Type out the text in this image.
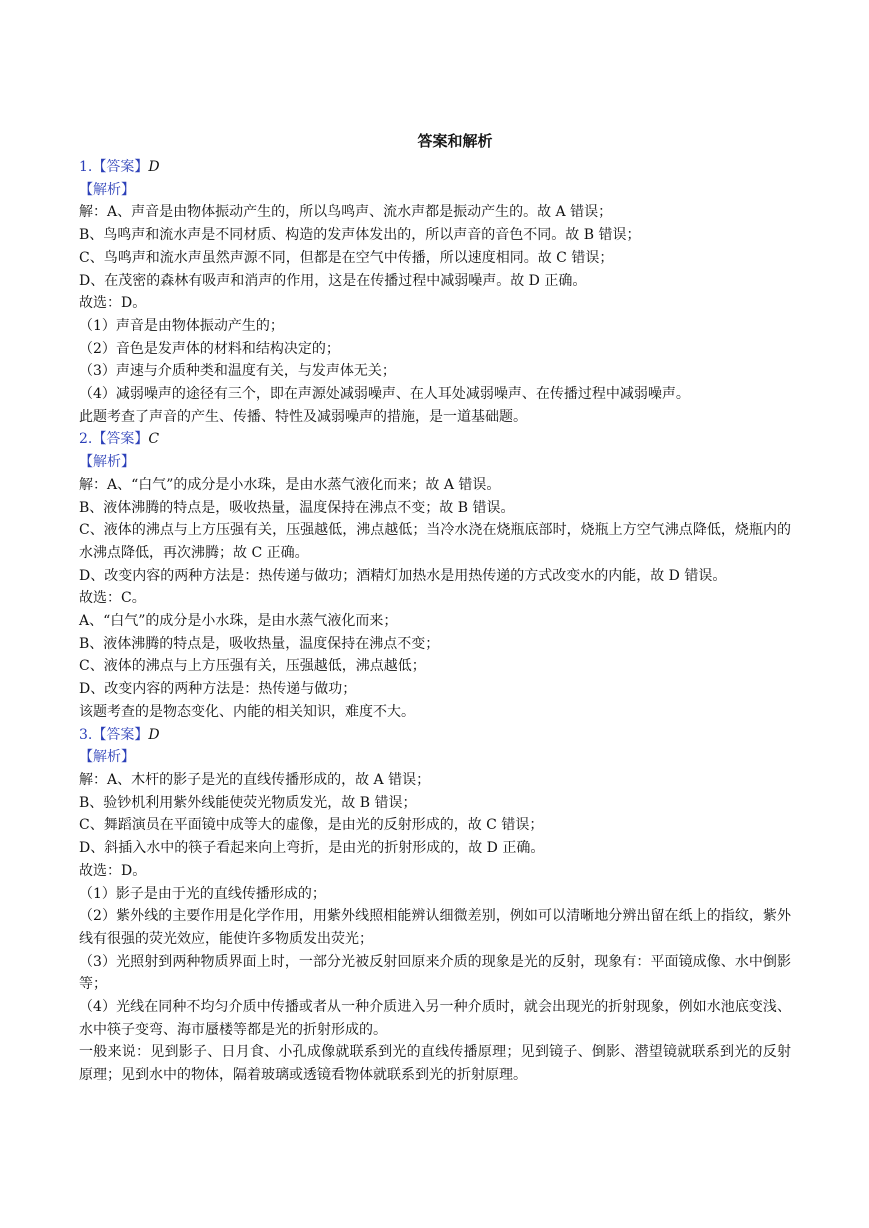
答案和解析
1.【答案】D
【解析】
解：A、声音是由物体振动产生的，所以鸟鸣声、流水声都是振动产生的。故 A 错误；
B、鸟鸣声和流水声是不同材质、构造的发声体发出的，所以声音的音色不同。故 B 错误；
C、鸟鸣声和流水声虽然声源不同，但都是在空气中传播，所以速度相同。故 C 错误；
D、在茂密的森林有吸声和消声的作用，这是在传播过程中减弱噪声。故 D 正确。
故选：D。
（1）声音是由物体振动产生的；
（2）音色是发声体的材料和结构决定的；
（3）声速与介质种类和温度有关，与发声体无关；
（4）减弱噪声的途径有三个，即在声源处减弱噪声、在人耳处减弱噪声、在传播过程中减弱噪声。
此题考查了声音的产生、传播、特性及减弱噪声的措施，是一道基础题。
2.【答案】C
【解析】
解：A、“白气”的成分是小水珠，是由水蒸气液化而来；故 A 错误。
B、液体沸腾的特点是，吸收热量，温度保持在沸点不变；故 B 错误。
C、液体的沸点与上方压强有关，压强越低，沸点越低；当冷水浇在烧瓶底部时，烧瓶上方空气沸点降低，烧瓶内的水沸点降低，再次沸腾；故 C 正确。
D、改变内容的两种方法是：热传递与做功；酒精灯加热水是用热传递的方式改变水的内能，故 D 错误。
故选：C。
A、“白气”的成分是小水珠，是由水蒸气液化而来；
B、液体沸腾的特点是，吸收热量，温度保持在沸点不变；
C、液体的沸点与上方压强有关，压强越低，沸点越低；
D、改变内容的两种方法是：热传递与做功；
该题考查的是物态变化、内能的相关知识，难度不大。
3.【答案】D
【解析】
解：A、木杆的影子是光的直线传播形成的，故 A 错误；
B、验钞机利用紫外线能使荧光物质发光，故 B 错误；
C、舞蹈演员在平面镜中成等大的虚像，是由光的反射形成的，故 C 错误；
D、斜插入水中的筷子看起来向上弯折，是由光的折射形成的，故 D 正确。
故选：D。
（1）影子是由于光的直线传播形成的；
（2）紫外线的主要作用是化学作用，用紫外线照相能辨认细微差别，例如可以清晰地分辨出留在纸上的指纹，紫外线有很强的荧光效应，能使许多物质发出荧光；
（3）光照射到两种物质界面上时，一部分光被反射回原来介质的现象是光的反射，现象有：平面镜成像、水中倒影等；
（4）光线在同种不均匀介质中传播或者从一种介质进入另一种介质时，就会出现光的折射现象，例如水池底变浅、水中筷子变弯、海市蜃楼等都是光的折射形成的。
一般来说：见到影子、日月食、小孔成像就联系到光的直线传播原理；见到镜子、倒影、潜望镜就联系到光的反射原理；见到水中的物体，隔着玻璃或透镜看物体就联系到光的折射原理。
